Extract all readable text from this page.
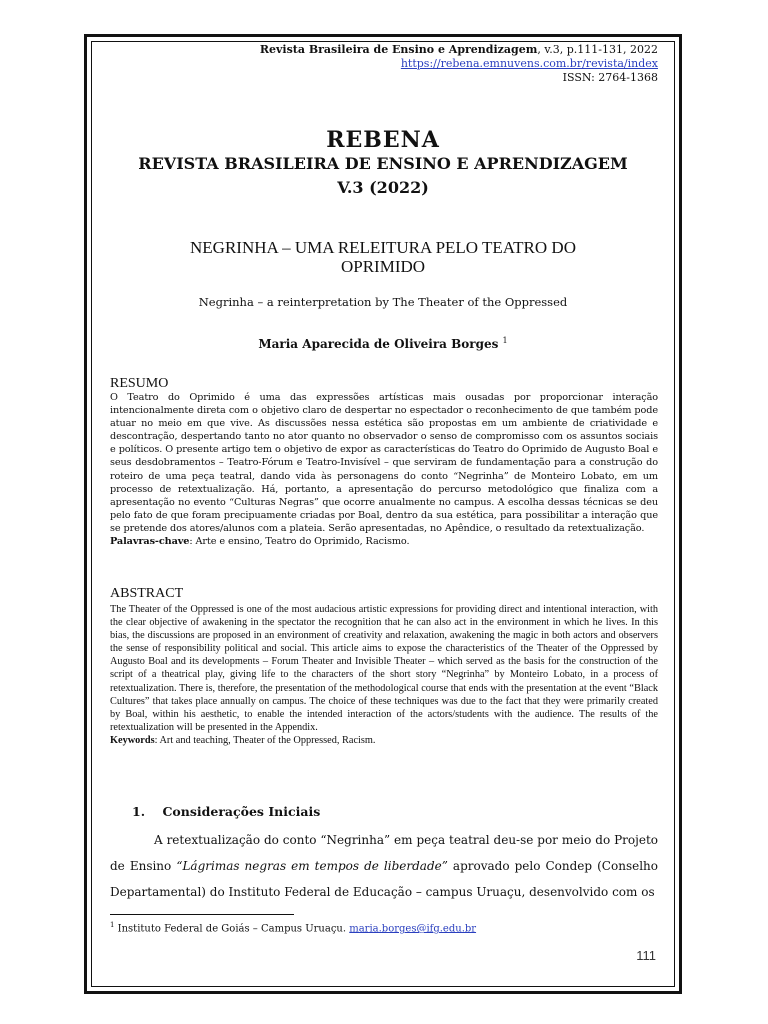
Revista Brasileira de Ensino e Aprendizagem, v.3, p.111-131, 2022
https://rebena.emnuvens.com.br/revista/index
ISSN: 2764-1368
REBENA
REVISTA BRASILEIRA DE ENSINO E APRENDIZAGEM
V.3 (2022)
NEGRINHA – UMA RELEITURA PELO TEATRO DO OPRIMIDO
Negrinha – a reinterpretation by The Theater of the Oppressed
Maria Aparecida de Oliveira Borges $^1$
RESUMO
O Teatro do Oprimido é uma das expressões artísticas mais ousadas por proporcionar interação intencionalmente direta com o objetivo claro de despertar no espectador o reconhecimento de que também pode atuar no meio em que vive. As discussões nessa estética são propostas em um ambiente de criatividade e descontração, despertando tanto no ator quanto no observador o senso de compromisso com os assuntos sociais e políticos. O presente artigo tem o objetivo de expor as características do Teatro do Oprimido de Augusto Boal e seus desdobramentos – Teatro-Fórum e Teatro-Invisível – que serviram de fundamentação para a construção do roteiro de uma peça teatral, dando vida às personagens do conto “Negrinha” de Monteiro Lobato, em um processo de retextualização. Há, portanto, a apresentação do percurso metodológico que finaliza com a apresentação no evento “Culturas Negras” que ocorre anualmente no campus. A escolha dessas técnicas se deu pelo fato de que foram precipuamente criadas por Boal, dentro da sua estética, para possibilitar a interação que se pretende dos atores/alunos com a plateia. Serão apresentadas, no Apêndice, o resultado da retextualização.
Palavras-chave: Arte e ensino, Teatro do Oprimido, Racismo.
ABSTRACT
The Theater of the Oppressed is one of the most audacious artistic expressions for providing direct and intentional interaction, with the clear objective of awakening in the spectator the recognition that he can also act in the environment in which he lives. In this bias, the discussions are proposed in an environment of creativity and relaxation, awakening the magic in both actors and observers the sense of responsibility political and social. This article aims to expose the characteristics of the Theater of the Oppressed by Augusto Boal and its developments – Forum Theater and Invisible Theater – which served as the basis for the construction of the script of a theatrical play, giving life to the characters of the short story “Negrinha” by Monteiro Lobato, in a process of retextualization. There is, therefore, the presentation of the methodological course that ends with the presentation at the event “Black Cultures” that takes place annually on campus. The choice of these techniques was due to the fact that they were primarily created by Boal, within his aesthetic, to enable the intended interaction of the actors/students with the audience. The results of the retextualization will be presented in the Appendix.
Keywords: Art and teaching, Theater of the Oppressed, Racism.
1. Considerações Iniciais
A retextualização do conto “Negrinha” em peça teatral deu-se por meio do Projeto de Ensino “Lágrimas negras em tempos de liberdade” aprovado pelo Condep (Conselho Departamental) do Instituto Federal de Educação – campus Uruaçu, desenvolvido com os
$^1$ Instituto Federal de Goiás – Campus Uruaçu. maria.borges@ifg.edu.br
111
